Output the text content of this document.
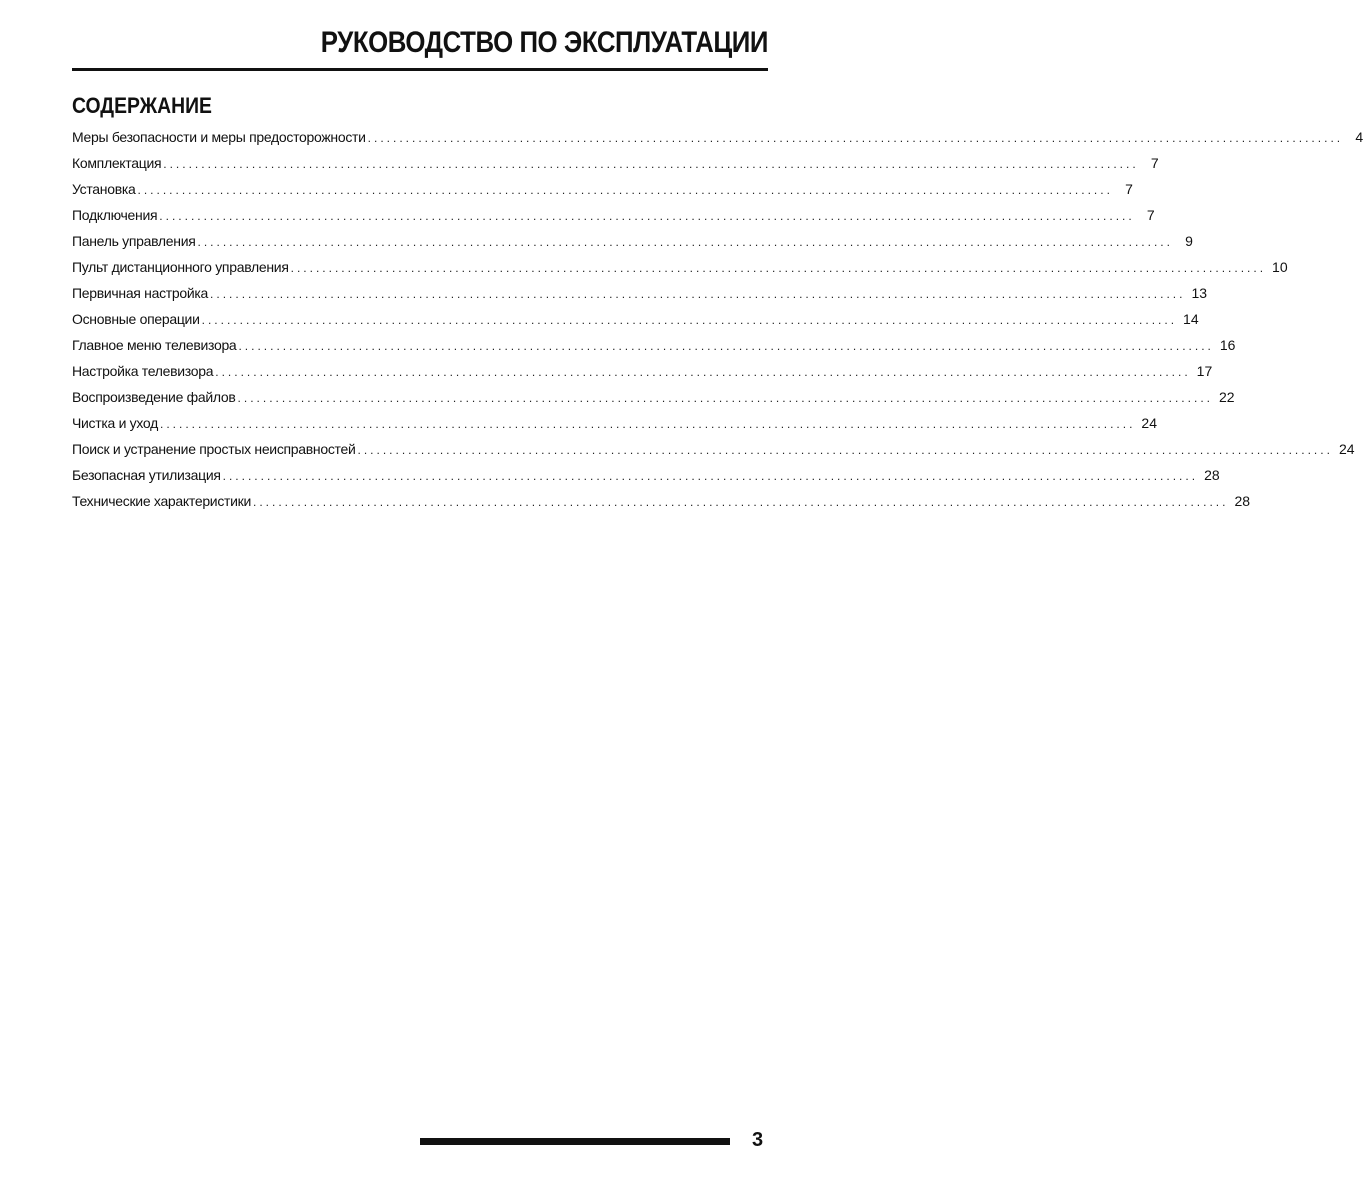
РУКОВОДСТВО ПО ЭКСПЛУАТАЦИИ
СОДЕРЖАНИЕ
Меры безопасности и меры предосторожности .......................................................................................................................................................... 4
Комплектация .......................................................................................................................................................... 7
Установка .......................................................................................................................................................... 7
Подключения .......................................................................................................................................................... 7
Панель управления .......................................................................................................................................................... 9
Пульт дистанционного управления .......................................................................................................................................................... 10
Первичная настройка .......................................................................................................................................................... 13
Основные операции .......................................................................................................................................................... 14
Главное меню телевизора .......................................................................................................................................................... 16
Настройка телевизора .......................................................................................................................................................... 17
Воспроизведение файлов .......................................................................................................................................................... 22
Чистка и уход .......................................................................................................................................................... 24
Поиск и устранение простых неисправностей .......................................................................................................................................................... 24
Безопасная утилизация .......................................................................................................................................................... 28
Технические характеристики .......................................................................................................................................................... 28

3
